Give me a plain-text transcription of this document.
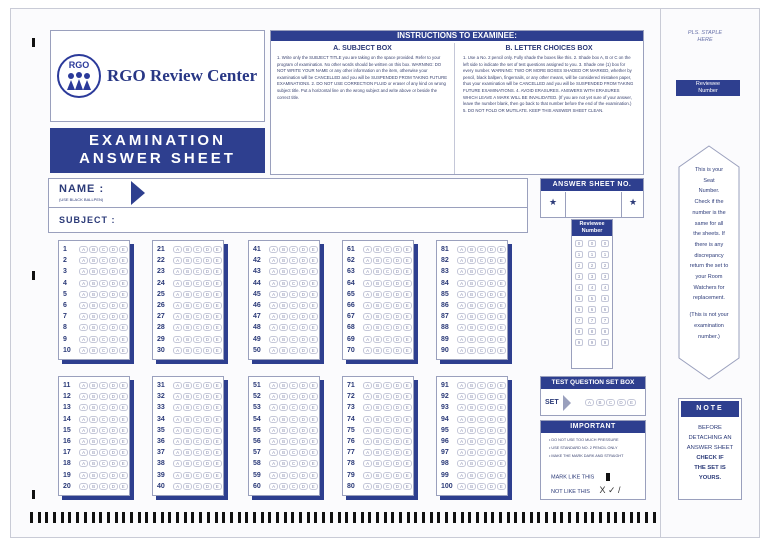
RGO
RGO Review Center
EXAMINATION
ANSWER SHEET
INSTRUCTIONS TO EXAMINEE:
A. SUBJECT BOX

1. Write only the SUBJECT TITLE you are taking on the space provided. Refer to your program of examination. No other words should be written on this box. WARNING: DO NOT WRITE YOUR NAME or any other information on the item, otherwise your examination will be CANCELLED and you will be SUSPENDED FROM TAKING FUTURE EXAMINATIONS. 2. DO NOT USE CORRECTION FLUID or eraser of any kind on wrong subject title. Put a horizontal line on the wrong subject and write above or beside the correct title.

B. LETTER CHOICES BOX

1. Use a No. 2 pencil only. Fully shade the boxes like this. 2. Shade box A, B or C on the left side to indicate the set of test questions assigned to you. 3. Shade one (1) box for every number. WARNING: TWO OR MORE BOXES SHADED OR MARKED, whether by pencil, black ballpen, fingernails, or any other means, will be considered mistaken paper, thus your examination will be CANCELLED and you will be SUSPENDED FROM TAKING FUTURE EXAMINATIONS. 4. AVOID ERASURES. ANSWERS WITH ERASURES WHICH LEAVE A MARK WILL BE INVALIDATED. (If you are not yet sure of your answer, leave the number blank, then go back to that number before the end of the examination.) 5. DO NOT FOLD OR MUTILATE. KEEP THIS ANSWER SHEET CLEAN.

NAME :
(USE BLACK BALLPEN)
SUBJECT :
ANSWER SHEET NO.
★	★
Reviewee
Number
0	0	0
1	1	1
2	2	2
3	3	3
4	4	4
5	5	5
6	6	6
7	7	7
8	8	8
9	9	9
1	A	B	C	D	E
2	A	B	C	D	E
3	A	B	C	D	E
4	A	B	C	D	E
5	A	B	C	D	E
6	A	B	C	D	E
7	A	B	C	D	E
8	A	B	C	D	E
9	A	B	C	D	E
10	A	B	C	D	E
21	A	B	C	D	E
22	A	B	C	D	E
23	A	B	C	D	E
24	A	B	C	D	E
25	A	B	C	D	E
26	A	B	C	D	E
27	A	B	C	D	E
28	A	B	C	D	E
29	A	B	C	D	E
30	A	B	C	D	E
41	A	B	C	D	E
42	A	B	C	D	E
43	A	B	C	D	E
44	A	B	C	D	E
45	A	B	C	D	E
46	A	B	C	D	E
47	A	B	C	D	E
48	A	B	C	D	E
49	A	B	C	D	E
50	A	B	C	D	E
61	A	B	C	D	E
62	A	B	C	D	E
63	A	B	C	D	E
64	A	B	C	D	E
65	A	B	C	D	E
66	A	B	C	D	E
67	A	B	C	D	E
68	A	B	C	D	E
69	A	B	C	D	E
70	A	B	C	D	E
81	A	B	C	D	E
82	A	B	C	D	E
83	A	B	C	D	E
84	A	B	C	D	E
85	A	B	C	D	E
86	A	B	C	D	E
87	A	B	C	D	E
88	A	B	C	D	E
89	A	B	C	D	E
90	A	B	C	D	E
11	A	B	C	D	E
12	A	B	C	D	E
13	A	B	C	D	E
14	A	B	C	D	E
15	A	B	C	D	E
16	A	B	C	D	E
17	A	B	C	D	E
18	A	B	C	D	E
19	A	B	C	D	E
20	A	B	C	D	E
31	A	B	C	D	E
32	A	B	C	D	E
33	A	B	C	D	E
34	A	B	C	D	E
35	A	B	C	D	E
36	A	B	C	D	E
37	A	B	C	D	E
38	A	B	C	D	E
39	A	B	C	D	E
40	A	B	C	D	E
51	A	B	C	D	E
52	A	B	C	D	E
53	A	B	C	D	E
54	A	B	C	D	E
55	A	B	C	D	E
56	A	B	C	D	E
57	A	B	C	D	E
58	A	B	C	D	E
59	A	B	C	D	E
60	A	B	C	D	E
71	A	B	C	D	E
72	A	B	C	D	E
73	A	B	C	D	E
74	A	B	C	D	E
75	A	B	C	D	E
76	A	B	C	D	E
77	A	B	C	D	E
78	A	B	C	D	E
79	A	B	C	D	E
80	A	B	C	D	E
91	A	B	C	D	E
92	A	B	C	D	E
93	A	B	C	D	E
94	A	B	C	D	E
95	A	B	C	D	E
96	A	B	C	D	E
97	A	B	C	D	E
98	A	B	C	D	E
99	A	B	C	D	E
100	A	B	C	D	E
TEST QUESTION SET BOX
SET	A	B	C	D	E
IMPORTANT
• DO NOT USE TOO MUCH PRESSURE
• USE STANDARD NO. 2 PENCIL ONLY
• MAKE THE MARK DARK AND STRAIGHT
MARK LIKE THIS
NOT LIKE THIS X ✓ /
PLS. STAPLE
HERE
Reviewee
Number
This is your
Seat
Number.
Check if the
number is the
same for all
the sheets. If
there is any
discrepancy
return the set to
your Room
Watchers for
replacement.
(This is not your
examination
number.)
NOTE
BEFORE
DETACHING AN
ANSWER SHEET
CHECK IF
THE SET IS
YOURS.
